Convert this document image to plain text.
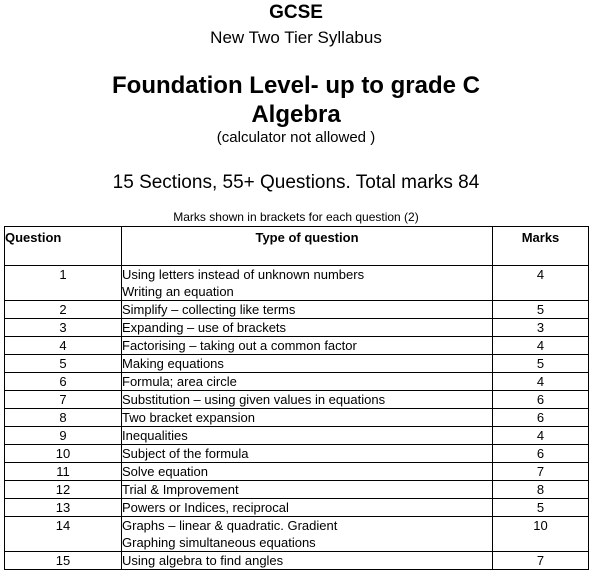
GCSE
New Two Tier Syllabus
Foundation Level- up to grade C
Algebra
(calculator not allowed )
15 Sections, 55+ Questions. Total marks 84
Marks shown in brackets for each question (2)
Question	Type of question	Marks
1	Using letters instead of unknown numbers
Writing an equation	4
2	Simplify – collecting like terms	5
3	Expanding – use of brackets	3
4	Factorising – taking out a common factor	4
5	Making equations	5
6	Formula; area circle	4
7	Substitution – using given values in equations	6
8	Two bracket expansion	6
9	Inequalities	4
10	Subject of the formula	6
11	Solve equation	7
12	Trial & Improvement	8
13	Powers or Indices, reciprocal	5
14	Graphs – linear & quadratic. Gradient
Graphing simultaneous equations	10
15	Using algebra to find angles	7
